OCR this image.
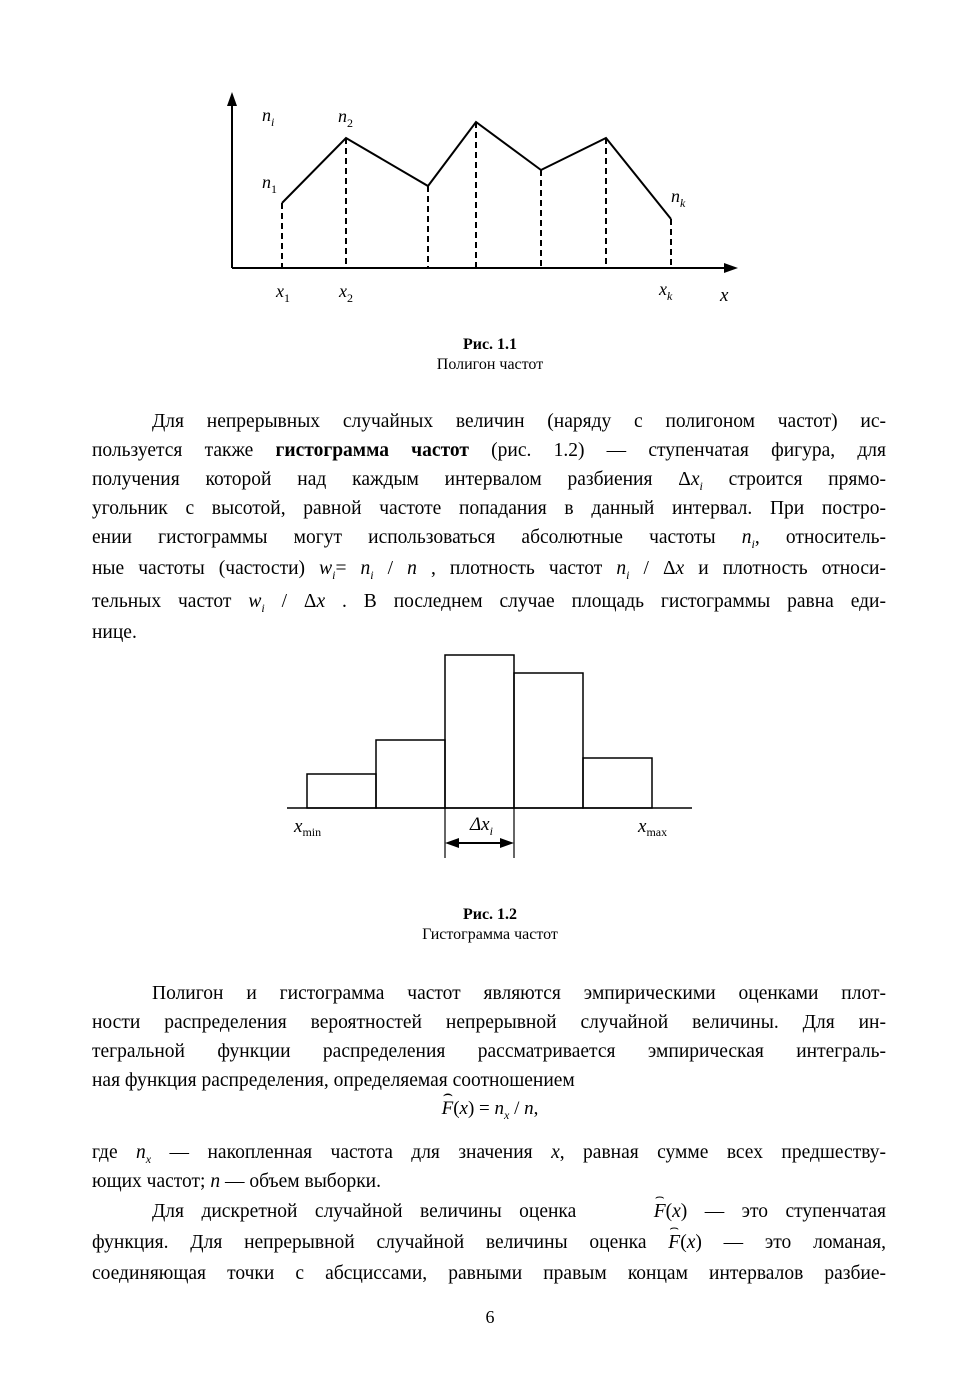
$n_i$	$n_2$
$n_1$	$n_k$
$x_1$	$x_2$	$x_k$	x
Рис. 1.1
Полигон частот
Для непрерывных случайных величин (наряду с полигоном частот) ис-
пользуется также гистограмма частот (рис. 1.2) — ступенчатая фигура, для
получения которой над каждым интервалом разбиения $\Delta x_i$ строится прямо-
угольник с высотой, равной частоте попадания в данный интервал. При постро-
ении гистограммы могут использоваться абсолютные частоты $n_i$, относитель-
ные частоты (частости) $w_i= n_i / n$ , плотность частот $n_i$ / Δx и плотность относи-
тельных частот $w_i$ / Δx . В последнем случае площадь гистограммы равна еди-
нице.
$\Delta x_i$
$x_{min}$	$x_{max}$
Рис. 1.2
Гистограмма частот
Полигон и гистограмма частот являются эмпирическими оценками плот-
ности распределения вероятностей непрерывной случайной величины. Для ин-
тегральной функции распределения рассматривается эмпирическая интеграль-
ная функция распределения, определяемая соотношением
F
⌢
$(x) = n_x / n$,
где $n_x$ — накопленная частота для значения x, равная сумме всех предшеству-
ющих частот; n — объем выборки.
Для дискретной случайной величины оценка	F
⌢
(x) — это ступенчатая
функция. Для непрерывной случайной величины оценка F
⌢
(x) — это ломаная,
соединяющая точки с абсциссами, равными правым концам интервалов разбие-
6
